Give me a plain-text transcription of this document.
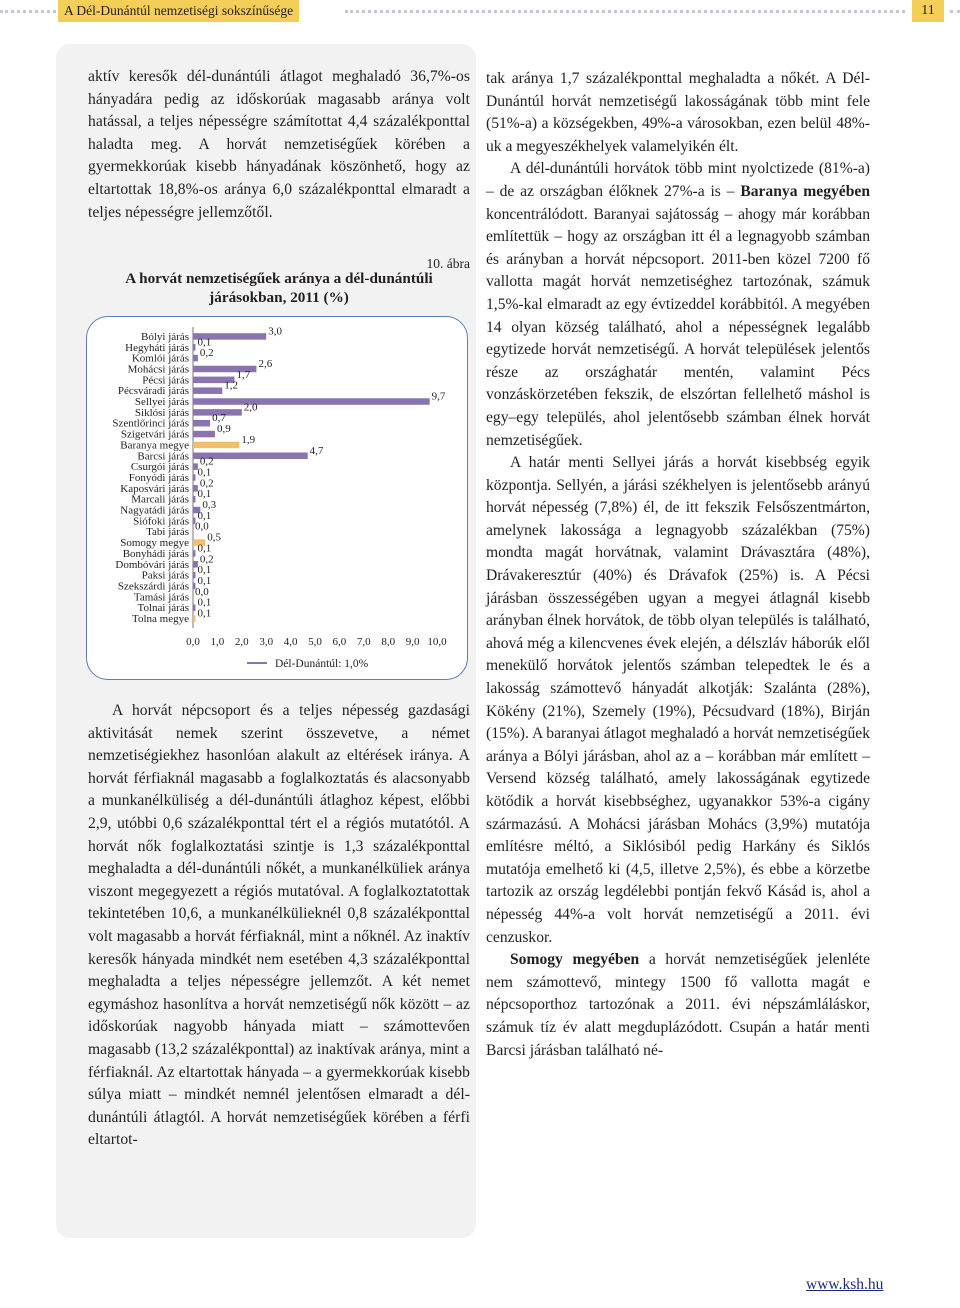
A Dél-Dunántúl nemzetiségi sokszínűsége	11

aktív keresők dél-dunántúli átlagot meghaladó 36,7%-os hányadára pedig az időskorúak magasabb aránya volt hatással, a teljes népességre számítottat 4,4 százalékponttal haladta meg. A horvát nemzetiségűek körében a gyermekkorúak kisebb hányadának köszönhető, hogy az eltartottak 18,8%-os aránya 6,0 százalékponttal elmaradt a teljes népességre jellemzőtől.

10. ábra
A horvát nemzetiségűek aránya a dél-dunántúli járásokban, 2011 (%)
Bólyi járás	3,0
Hegyháti járás 0,1
Komlói járás 0,2
Mohácsi járás	2,6
Pécsi járás	1,7
Pécsváradi járás	1,2
Sellyei járás	9,7
Siklósi járás	2,0
Szentlőrinci járás 0,7
Szigetvári járás	0,9
Baranya megye	1,9
Barcsi járás	4,7
Csurgói járás 0,2
Fonyódi járás 0,1
Kaposvári járás 0,2
Marcali járás 0,1
Nagyatádi járás 0,3
Siófoki járás 0,1
Tabi járás 0,0
Somogy megye 0,5
Bonyhádi járás 0,1
Dombóvári járás 0,2
Paksi járás 0,1
Szekszárdi járás 0,1
Tamási járás 0,0
Tolnai járás 0,1
Tolna megye 0,1
0,0 1,0 2,0 3,0 4,0 5,0 6,0 7,0 8,0 9,0 10,0
Dél-Dunántúl: 1,0%

A horvát népcsoport és a teljes népesség gazdasági aktivitását nemek szerint összevetve, a német nemzetiségiekhez hasonlóan alakult az eltérések iránya. A horvát férfiaknál magasabb a foglalkoztatás és alacsonyabb a munkanélküliség a dél-dunántúli átlaghoz képest, előbbi 2,9, utóbbi 0,6 százalékponttal tért el a régiós mutatótól. A horvát nők foglalkoztatási szintje is 1,3 százalékponttal meghaladta a dél-dunántúli nőkét, a munkanélküliek aránya viszont megegyezett a régiós mutatóval. A foglalkoztatottak tekintetében 10,6, a munkanélkülieknél 0,8 százalékponttal volt magasabb a horvát férfiaknál, mint a nőknél. Az inaktív keresők hányada mindkét nem esetében 4,3 százalékponttal meghaladta a teljes népességre jellemzőt. A két nemet egymáshoz hasonlítva a horvát nemzetiségű nők között – az időskorúak nagyobb hányada miatt – számottevően magasabb (13,2 százalékponttal) az inaktívak aránya, mint a férfiaknál. Az eltartottak hányada – a gyermekkorúak kisebb súlya miatt – mindkét nemnél jelentősen elmaradt a dél-dunántúli átlagtól. A horvát nemzetiségűek körében a férfi eltartot-

tak aránya 1,7 százalékponttal meghaladta a nőkét. A Dél-Dunántúl horvát nemzetiségű lakosságának több mint fele (51%-a) a községekben, 49%-a városokban, ezen belül 48%-uk a megyeszékhelyek valamelyikén élt.

A dél-dunántúli horvátok több mint nyolctizede (81%-a) – de az országban élőknek 27%-a is – Baranya megyében koncentrálódott. Baranyai sajátosság – ahogy már korábban említettük – hogy az országban itt él a legnagyobb számban és arányban a horvát népcsoport. 2011-ben közel 7200 fő vallotta magát horvát nemzetiséghez tartozónak, számuk 1,5%-kal elmaradt az egy évtizeddel korábbitól. A megyében 14 olyan község található, ahol a népességnek legalább egytizede horvát nemzetiségű. A horvát települések jelentős része az országhatár mentén, valamint Pécs vonzáskörzetében fekszik, de elszórtan fellelhető máshol is egy–egy település, ahol jelentősebb számban élnek horvát nemzetiségűek.

A határ menti Sellyei járás a horvát kisebbség egyik központja. Sellyén, a járási székhelyen is jelentősebb arányú horvát népesség (7,8%) él, de itt fekszik Felsőszentmárton, amelynek lakossága a legnagyobb százalékban (75%) mondta magát horvátnak, valamint Drávasztára (48%), Drávakeresztúr (40%) és Drávafok (25%) is. A Pécsi járásban összességében ugyan a megyei átlagnál kisebb arányban élnek horvátok, de több olyan település is található, ahová még a kilencvenes évek elején, a délszláv háborúk elől menekülő horvátok jelentős számban telepedtek le és a lakosság számottevő hányadát alkotják: Szalánta (28%), Kökény (21%), Szemely (19%), Pécsudvard (18%), Birján (15%). A baranyai átlagot meghaladó a horvát nemzetiségűek aránya a Bólyi járásban, ahol az a – korábban már említett – Versend község található, amely lakosságának egytizede kötődik a horvát kisebbséghez, ugyanakkor 53%-a cigány származású. A Mohácsi járásban Mohács (3,9%) mutatója említésre méltó, a Siklósiból pedig Harkány és Siklós mutatója emelhető ki (4,5, illetve 2,5%), és ebbe a körzetbe tartozik az ország legdélebbi pontján fekvő Kásád is, ahol a népesség 44%-a volt horvát nemzetiségű a 2011. évi cenzuskor.

Somogy megyében a horvát nemzetiségűek jelenléte nem számottevő, mintegy 1500 fő vallotta magát e népcsoporthoz tartozónak a 2011. évi népszámláláskor, számuk tíz év alatt megduplázódott. Csupán a határ menti Barcsi járásban található né-

www.ksh.hu
